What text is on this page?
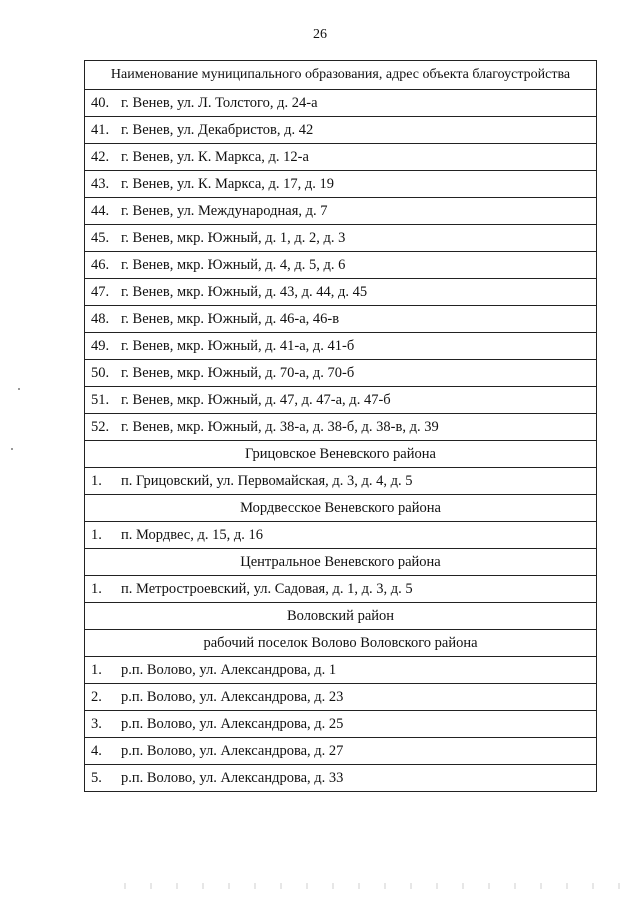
26
Наименование муниципального образования, адрес объекта благоустройства
40. г. Венев, ул. Л. Толстого, д. 24-а
41. г. Венев, ул. Декабристов, д. 42
42. г. Венев, ул. К. Маркса, д. 12-а
43. г. Венев, ул. К. Маркса, д. 17, д. 19
44. г. Венев, ул. Международная, д. 7
45. г. Венев, мкр. Южный, д. 1, д. 2, д. 3
46. г. Венев, мкр. Южный, д. 4, д. 5, д. 6
47. г. Венев, мкр. Южный, д. 43, д. 44, д. 45
48. г. Венев, мкр. Южный, д. 46-а, 46-в
49. г. Венев, мкр. Южный, д. 41-а, д. 41-б
50. г. Венев, мкр. Южный, д. 70-а, д. 70-б
51. г. Венев, мкр. Южный, д. 47, д. 47-а, д. 47-б
52. г. Венев, мкр. Южный, д. 38-а, д. 38-б, д. 38-в, д. 39
Грицовское Веневского района
1. п. Грицовский, ул. Первомайская, д. 3, д. 4, д. 5
Мордвесское Веневского района
1. п. Мордвес, д. 15, д. 16
Центральное Веневского района
1. п. Метростроевский, ул. Садовая, д. 1, д. 3, д. 5
Воловский район
рабочий поселок Волово Воловского района
1. р.п. Волово, ул. Александрова, д. 1
2. р.п. Волово, ул. Александрова, д. 23
3. р.п. Волово, ул. Александрова, д. 25
4. р.п. Волово, ул. Александрова, д. 27
5. р.п. Волово, ул. Александрова, д. 33
